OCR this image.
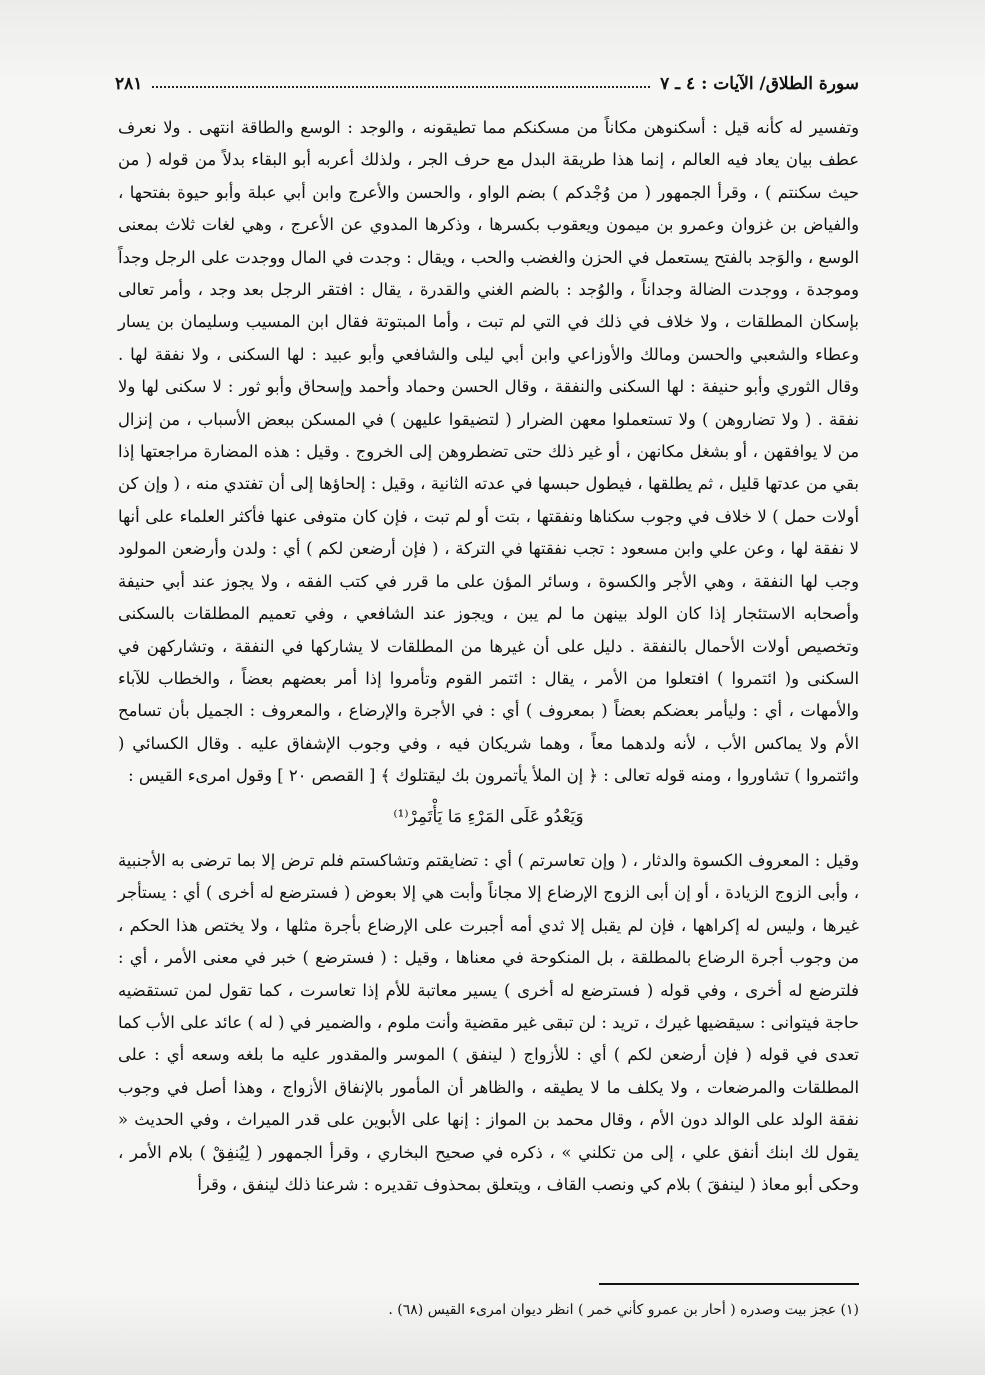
سورة الطلاق/ الآيات : ٤ ـ ٧
٢٨١

وتفسير له كأنه قيل : أسكنوهن مكاناً من مسكنكم مما تطيقونه ، والوجد : الوسع والطاقة انتهى . ولا نعرف عطف بيان يعاد فيه العالم ، إنما هذا طريقة البدل مع حرف الجر ، ولذلك أعربه أبو البقاء بدلاً من قوله ( من حيث سكنتم ) ، وقرأ الجمهور ( من وُجْدكم ) بضم الواو ، والحسن والأعرج وابن أبي عبلة وأبو حيوة بفتحها ، والفياض بن غزوان وعمرو بن ميمون ويعقوب بكسرها ، وذكرها المدوي عن الأعرج ، وهي لغات ثلاث بمعنى الوسع ، والوَجد بالفتح يستعمل في الحزن والغضب والحب ، ويقال : وجدت في المال ووجدت على الرجل وجداً وموجدة ، ووجدت الضالة وجداناً ، والوُجد : بالضم الغني والقدرة ، يقال : افتقر الرجل بعد وجد ، وأمر تعالى بإسكان المطلقات ، ولا خلاف في ذلك في التي لم تبت ، وأما المبتوتة فقال ابن المسيب وسليمان بن يسار وعطاء والشعبي والحسن ومالك والأوزاعي وابن أبي ليلى والشافعي وأبو عبيد : لها السكنى ، ولا نفقة لها . وقال الثوري وأبو حنيفة : لها السكنى والنفقة ، وقال الحسن وحماد وأحمد وإسحاق وأبو ثور : لا سكنى لها ولا نفقة . ( ولا تضاروهن ) ولا تستعملوا معهن الضرار ( لتضيقوا عليهن ) في المسكن ببعض الأسباب ، من إنزال من لا يوافقهن ، أو بشغل مكانهن ، أو غير ذلك حتى تضطروهن إلى الخروج . وقيل : هذه المضارة مراجعتها إذا بقي من عدتها قليل ، ثم يطلقها ، فيطول حبسها في عدته الثانية ، وقيل : إلحاؤها إلى أن تفتدي منه ، ( وإن كن أولات حمل ) لا خلاف في وجوب سكناها ونفقتها ، بتت أو لم تبت ، فإن كان متوفى عنها فأكثر العلماء على أنها لا نفقة لها ، وعن علي وابن مسعود : تجب نفقتها في التركة ، ( فإن أرضعن لكم ) أي : ولدن وأرضعن المولود وجب لها النفقة ، وهي الأجر والكسوة ، وسائر المؤن على ما قرر في كتب الفقه ، ولا يجوز عند أبي حنيفة وأصحابه الاستئجار إذا كان الولد بينهن ما لم يبن ، ويجوز عند الشافعي ، وفي تعميم المطلقات بالسكنى وتخصيص أولات الأحمال بالنفقة . دليل على أن غيرها من المطلقات لا يشاركها في النفقة ، وتشاركهن في السكنى و( ائتمروا ) افتعلوا من الأمر ، يقال : ائتمر القوم وتأمروا إذا أمر بعضهم بعضاً ، والخطاب للآباء والأمهات ، أي : وليأمر بعضكم بعضاً ( بمعروف ) أي : في الأجرة والإرضاع ، والمعروف : الجميل بأن تسامح الأم ولا يماكس الأب ، لأنه ولدهما معاً ، وهما شريكان فيه ، وفي وجوب الإشفاق عليه . وقال الكسائي ( وائتمروا ) تشاوروا ، ومنه قوله تعالى : ﴿ إن الملأ يأتمرون بك ليقتلوك ﴾ [ القصص ٢٠ ] وقول امرىء القيس :

وَيَعْدُو عَلَى المَرْءِ مَا يَأْتَمِرْ⁽¹⁾

وقيل : المعروف الكسوة والدثار ، ( وإن تعاسرتم ) أي : تضايقتم وتشاكستم فلم ترض إلا بما ترضى به الأجنبية ، وأبى الزوج الزيادة ، أو إن أبى الزوج الإرضاع إلا مجاناً وأبت هي إلا بعوض ( فسترضع له أخرى ) أي : يستأجر غيرها ، وليس له إكراهها ، فإن لم يقبل إلا ثدي أمه أجبرت على الإرضاع بأجرة مثلها ، ولا يختص هذا الحكم ، من وجوب أجرة الرضاع بالمطلقة ، بل المنكوحة في معناها ، وقيل : ( فسترضع ) خبر في معنى الأمر ، أي : فلترضع له أخرى ، وفي قوله ( فسترضع له أخرى ) يسير معاتبة للأم إذا تعاسرت ، كما تقول لمن تستقضيه حاجة فيتوانى : سيقضيها غيرك ، تريد : لن تبقى غير مقضية وأنت ملوم ، والضمير في ( له ) عائد على الأب كما تعدى في قوله ( فإن أرضعن لكم ) أي : للأزواج ( لينفق ) الموسر والمقدور عليه ما بلغه وسعه أي : على المطلقات والمرضعات ، ولا يكلف ما لا يطيقه ، والظاهر أن المأمور بالإنفاق الأزواج ، وهذا أصل في وجوب نفقة الولد على الوالد دون الأم ، وقال محمد بن المواز : إنها على الأبوين على قدر الميراث ، وفي الحديث « يقول لك ابنك أنفق علي ، إلى من تكلني » ، ذكره في صحيح البخاري ، وقرأ الجمهور ( لِيُنفِقْ ) بلام الأمر ، وحكى أبو معاذ ( لينفقَ ) بلام كي ونصب القاف ، ويتعلق بمحذوف تقديره : شرعنا ذلك لينفق ، وقرأ

(١) عجز بيت وصدره ( أحار بن عمرو كأني خمر ) انظر ديوان امرىء القيس (٦٨) .
